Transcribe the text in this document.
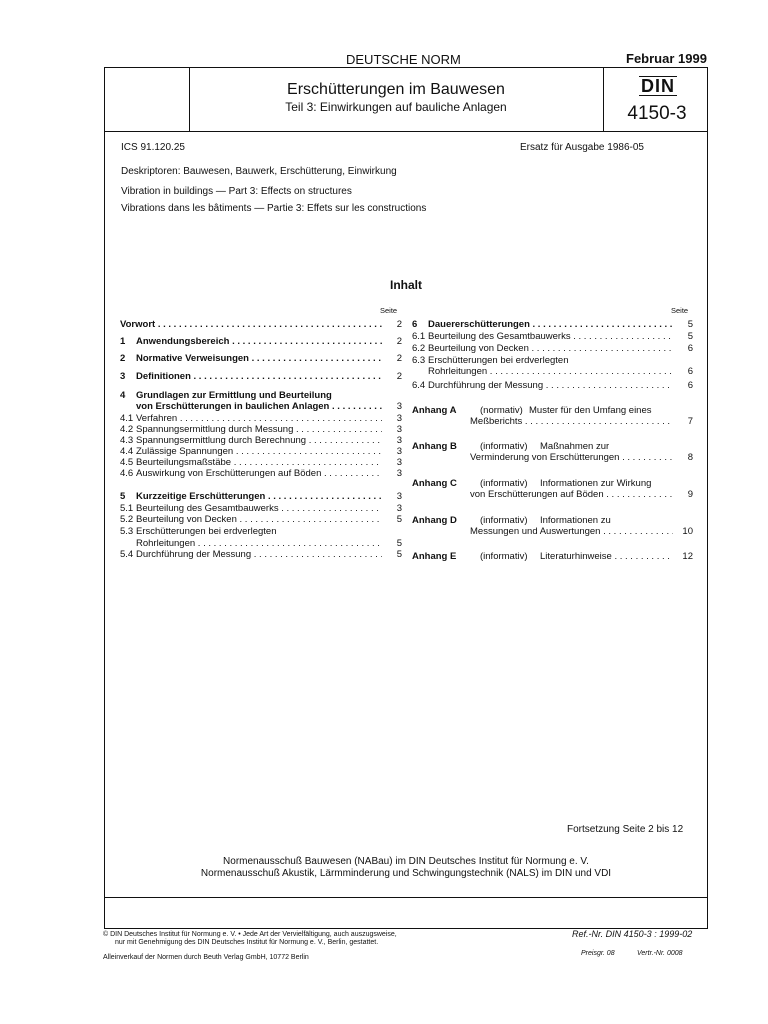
DEUTSCHE NORM	Februar 1999
Erschütterungen im Bauwesen
Teil 3: Einwirkungen auf bauliche Anlagen
DIN
4150-3
ICS 91.120.25	Ersatz für Ausgabe 1986-05
Deskriptoren: Bauwesen, Bauwerk, Erschütterung, Einwirkung
Vibration in buildings — Part 3: Effects on structures
Vibrations dans les bâtiments — Partie 3: Effets sur les constructions
Inhalt
Seite	Seite
Vorwort . . .	2
1 Anwendungsbereich . . .	2
2 Normative Verweisungen . . .	2
3 Definitionen . . .	2
4 Grundlagen zur Ermittlung und Beurteilung
von Erschütterungen in baulichen Anlagen . . .	3
4.1 Verfahren . . .	3
4.2 Spannungsermittlung durch Messung . . .	3
4.3 Spannungsermittlung durch Berechnung . . .	3
4.4 Zulässige Spannungen . . .	3
4.5 Beurteilungsmaßstäbe . . .	3
4.6 Auswirkung von Erschütterungen auf Böden . . .	3
5 Kurzzeitige Erschütterungen . . .	3
5.1 Beurteilung des Gesamtbauwerks . . .	3
5.2 Beurteilung von Decken . . .	5
5.3 Erschütterungen bei erdverlegten
Rohrleitungen . . .	5
5.4 Durchführung der Messung . . .	5
6 Dauererschütterungen . . .	5
6.1 Beurteilung des Gesamtbauwerks . . .	5
6.2 Beurteilung von Decken . . .	6
6.3 Erschütterungen bei erdverlegten
Rohrleitungen . . .	6
6.4 Durchführung der Messung . . .	6
Anhang A (normativ) Muster für den Umfang eines
Meßberichts . . .	7
Anhang B (informativ) Maßnahmen zur
Verminderung von Erschütterungen . . .	8
Anhang C (informativ) Informationen zur Wirkung
von Erschütterungen auf Böden . . .	9
Anhang D (informativ) Informationen zu
Messungen und Auswertungen . . .	10
Anhang E (informativ) Literaturhinweise . . .	12
Fortsetzung Seite 2 bis 12
Normenausschuß Bauwesen (NABau) im DIN Deutsches Institut für Normung e. V.
Normenausschuß Akustik, Lärmminderung und Schwingungstechnik (NALS) im DIN und VDI
© DIN Deutsches Institut für Normung e. V. • Jede Art der Vervielfältigung, auch auszugsweise,
nur mit Genehmigung des DIN Deutsches Institut für Normung e. V., Berlin, gestattet.
Alleinverkauf der Normen durch Beuth Verlag GmbH, 10772 Berlin
Ref.-Nr. DIN 4150-3 : 1999-02
Preisgr. 08	Vertr.-Nr. 0008
